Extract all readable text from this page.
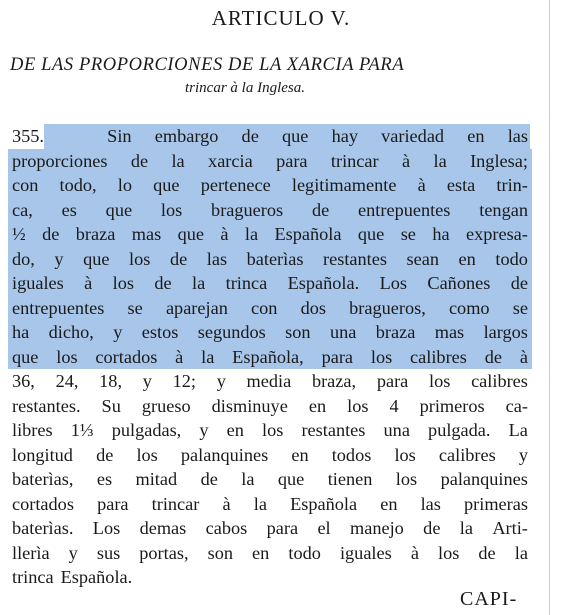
ARTICULO V.

DE LAS PROPORCIONES DE LA XARCIA PARA

trincar à la Inglesa.

355.	Sin embargo de que hay variedad en las
proporciones de la xarcia para trincar à la Inglesa;
con todo, lo que pertenece legitimamente à esta trin-
ca, es que los bragueros de entrepuentes tengan
½ de braza mas que à la Española que se ha expresa-
do, y que los de las baterìas restantes sean en todo
iguales à los de la trinca Española. Los Cañones de
entrepuentes se aparejan con dos bragueros, como se
ha dicho, y estos segundos son una braza mas largos
que los cortados à la Española, para los calibres de à
36, 24, 18, y 12; y media braza, para los calibres
restantes. Su grueso disminuye en los 4 primeros ca-
libres 1⅓ pulgadas, y en los restantes una pulgada. La
longitud de los palanquines en todos los calibres y
baterìas, es mitad de la que tienen los palanquines
cortados para trincar à la Española en las primeras
baterìas. Los demas cabos para el manejo de la Arti-
llerìa y sus portas, son en todo iguales à los de la
trinca Española.
CAPI-
